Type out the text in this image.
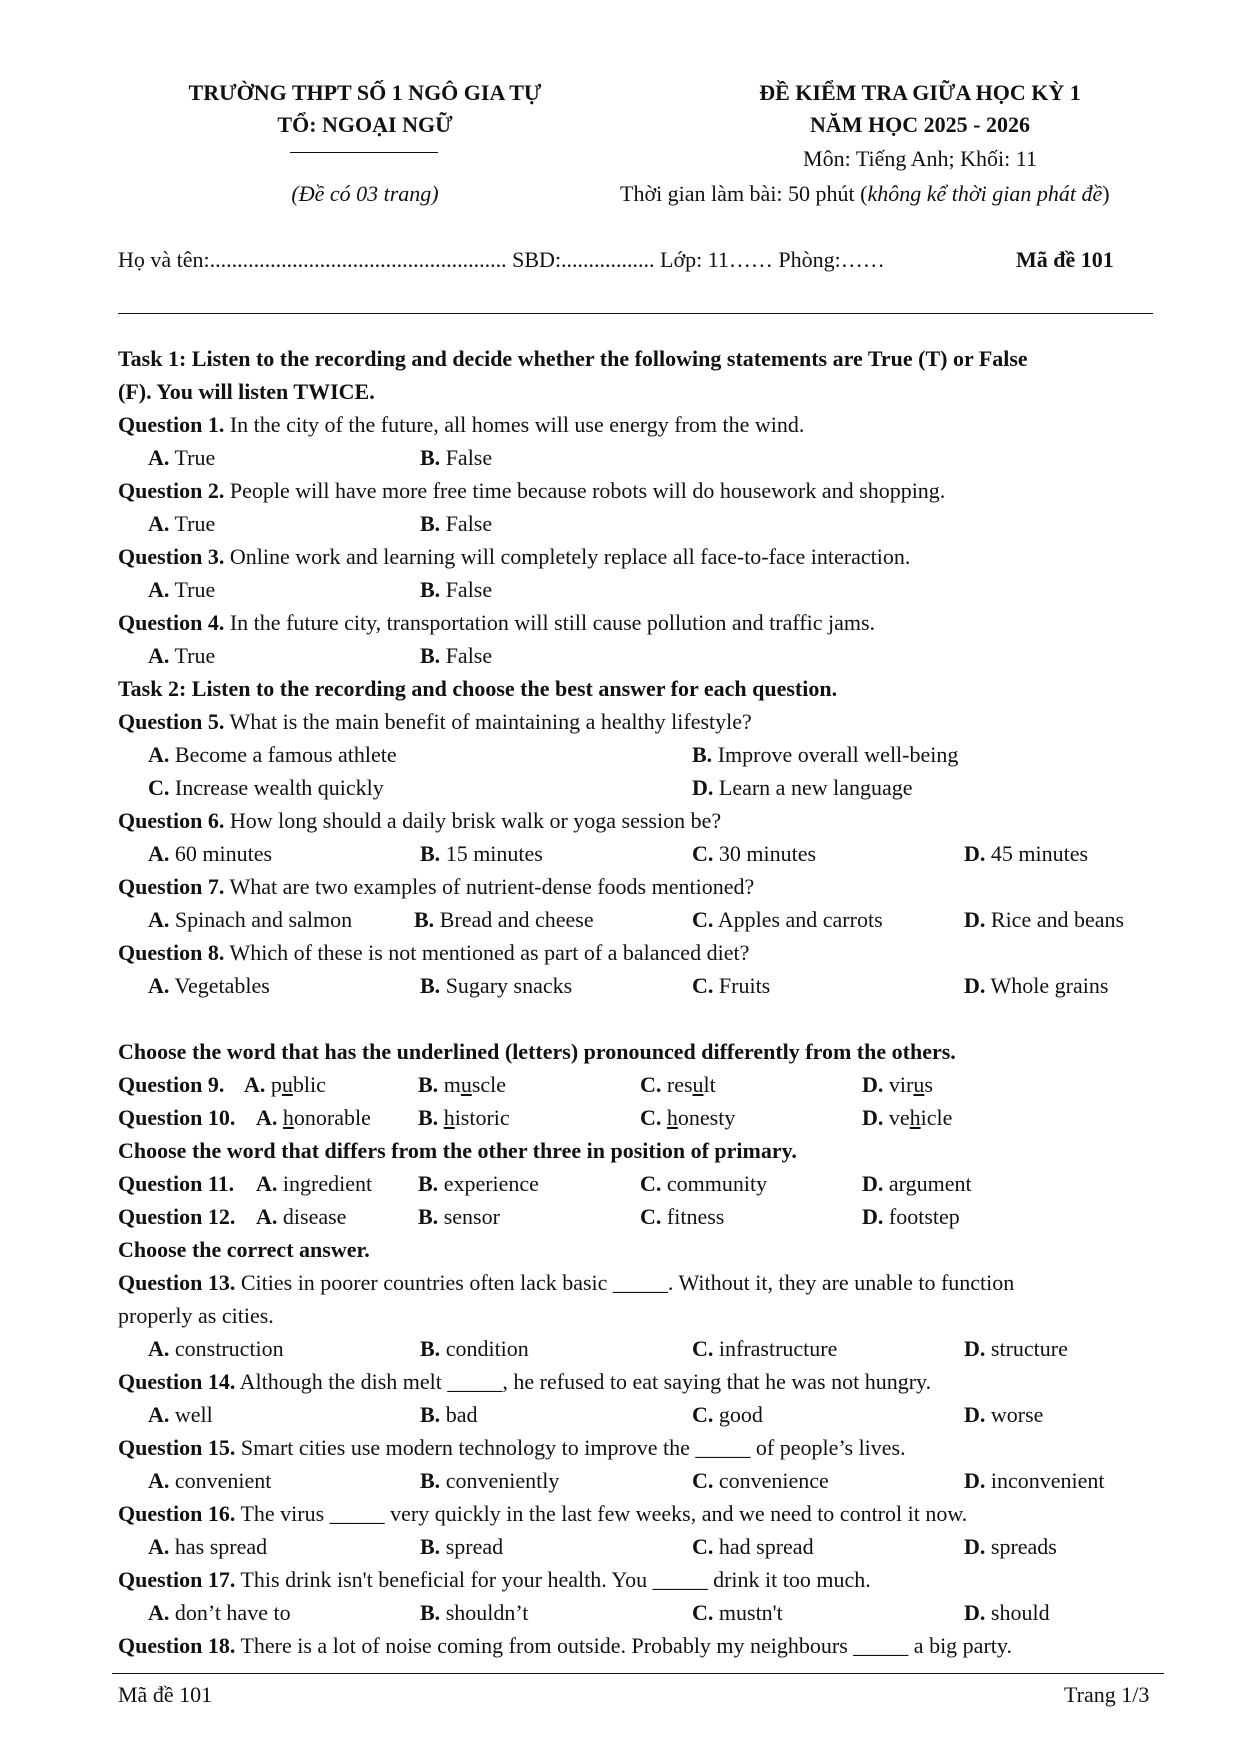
TRƯỜNG THPT SỐ 1 NGÔ GIA TỰ
TỔ: NGOẠI NGỮ
(Đề có 03 trang)
ĐỀ KIỂM TRA GIỮA HỌC KỲ 1
NĂM HỌC 2025 - 2026
Môn: Tiếng Anh; Khối: 11
Thời gian làm bài: 50 phút (không kể thời gian phát đề)
Họ và tên:...................................................... SBD:................. Lớp: 11…… Phòng:……	Mã đề 101
Task 1: Listen to the recording and decide whether the following statements are True (T) or False
(F). You will listen TWICE.
Question 1. In the city of the future, all homes will use energy from the wind.
A. True	B. False
Question 2. People will have more free time because robots will do housework and shopping.
A. True	B. False
Question 3. Online work and learning will completely replace all face-to-face interaction.
A. True	B. False
Question 4. In the future city, transportation will still cause pollution and traffic jams.
A. True	B. False
Task 2: Listen to the recording and choose the best answer for each question.
Question 5. What is the main benefit of maintaining a healthy lifestyle?
A. Become a famous athlete	B. Improve overall well-being
C. Increase wealth quickly	D. Learn a new language
Question 6. How long should a daily brisk walk or yoga session be?
A. 60 minutes	B. 15 minutes	C. 30 minutes	D. 45 minutes
Question 7. What are two examples of nutrient-dense foods mentioned?
A. Spinach and salmon	B. Bread and cheese	C. Apples and carrots	D. Rice and beans
Question 8. Which of these is not mentioned as part of a balanced diet?
A. Vegetables	B. Sugary snacks	C. Fruits	D. Whole grains
Choose the word that has the underlined (letters) pronounced differently from the others.
Question 9. A. public	B. muscle	C. result	D. virus
Question 10. A. honorable B. historic	C. honesty	D. vehicle
Choose the word that differs from the other three in position of primary.
Question 11. A. ingredient B. experience	C. community	D. argument
Question 12. A. disease	B. sensor	C. fitness	D. footstep
Choose the correct answer.
Question 13. Cities in poorer countries often lack basic _____. Without it, they are unable to function
properly as cities.
A. construction	B. condition	C. infrastructure	D. structure
Question 14. Although the dish melt _____, he refused to eat saying that he was not hungry.
A. well	B. bad	C. good	D. worse
Question 15. Smart cities use modern technology to improve the _____ of people’s lives.
A. convenient	B. conveniently	C. convenience	D. inconvenient
Question 16. The virus _____ very quickly in the last few weeks, and we need to control it now.
A. has spread	B. spread	C. had spread	D. spreads
Question 17. This drink isn't beneficial for your health. You _____ drink it too much.
A. don’t have to	B. shouldn’t	C. mustn't	D. should
Question 18. There is a lot of noise coming from outside. Probably my neighbours _____ a big party.
Mã đề 101	Trang 1/3
